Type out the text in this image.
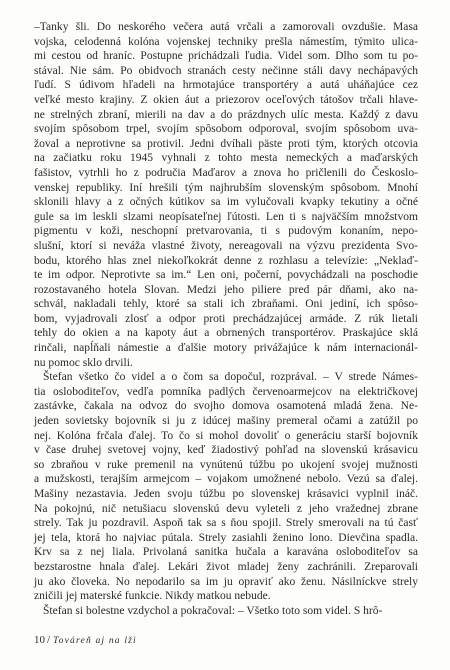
–Tanky šli. Do neskorého večera autá vrčali a zamorovali ovzdušie. Masa
vojska, celodenná kolóna vojenskej techniky prešla námestím, týmito ulica-
mi cestou od hraníc. Postupne prichádzali ľudia. Videl som. Dlho som tu po-
stával. Nie sám. Po obidvoch stranách cesty nečinne stáli davy nechápavých
ľudí. S údivom hľadeli na hrmotajúce transportéry a autá uháňajúce cez
veľké mesto krajiny. Z okien áut a priezorov oceľových tátošov trčali hlave-
ne strelných zbraní, mierili na dav a do prázdnych ulíc mesta. Každý z davu
svojím spôsobom trpel, svojím spôsobom odporoval, svojím spôsobom uva-
žoval a neprotivne sa protivil. Jedni dvíhali päste proti tým, ktorých otcovia
na začiatku roku 1945 vyhnali z tohto mesta nemeckých a maďarských
fašistov, vytrhli ho z područia Maďarov a znova ho pričlenili do Českoslo-
venskej republiky. Iní hrešili tým najhrubším slovenským spôsobom. Mnohí
sklonili hlavy a z očných kútikov sa im vylučovali kvapky tekutiny a očné
gule sa im leskli slzami neopísateľnej ľútosti. Len ti s najväčším množstvom
pigmentu v koži, neschopní pretvarovania, ti s pudovým konaním, nepo-
slušní, ktorí si neváža vlastné životy, nereagovali na výzvu prezidenta Svo-
bodu, ktorého hlas znel niekoľkokrát denne z rozhlasu a televízie: „Neklaď-
te im odpor. Neprotivte sa im.“ Len oni, počerní, povychádzali na poschodie
rozostavaného hotela Slovan. Medzi jeho piliere pred pár dňami, ako na-
schvál, nakladali tehly, ktoré sa stali ich zbraňami. Oni jediní, ich spôso-
bom, vyjadrovali zlosť a odpor proti prechádzajúcej armáde. Z rúk lietali
tehly do okien a na kapoty áut a obrnených transportérov. Praskajúce sklá
rinčali, napĺňali námestie a ďalšie motory privážajúce k nám internacionál-
nu pomoc sklo drvili.

Štefan všetko čo videl a o čom sa dopočul, rozprával. – V strede Námes-
tia osloboditeľov, vedľa pomníka padlých červenoarmejcov na električkovej
zastávke, čakala na odvoz do svojho domova osamotená mladá žena. Ne-
jeden sovietsky bojovník si ju z idúcej mašiny premeral očami a zatúžil po
nej. Kolóna frčala ďalej. To čo si mohol dovoliť o generáciu starší bojovník
v čase druhej svetovej vojny, keď žiadostivý pohľad na slovenskú krásavicu
so zbraňou v ruke premenil na vynútenú túžbu po ukojení svojej mužnosti
a mužskosti, terajším armejcom – vojakom umožnené nebolo. Vezú sa ďalej.
Mašiny nezastavia. Jeden svoju túžbu po slovenskej krásavici vyplnil ináč.
Na pokojnú, nič netušiacu slovenskú devu vyleteli z jeho vražednej zbrane
strely. Tak ju pozdravil. Aspoň tak sa s ňou spojil. Strely smerovali na tú časť
jej tela, ktorá ho najviac pútala. Strely zasiahli ženino lono. Dievčina spadla.
Krv sa z nej liala. Privolaná sanitka hučala a karavána osloboditeľov sa
bezstarostne hnala ďalej. Lekári život mladej ženy zachránili. Zreparovali
ju ako človeka. No nepodarilo sa im ju opraviť ako ženu. Násilníckve strely
zničili jej materské funkcie. Nikdy matkou nebude.

Štefan si bolestne vzdychol a pokračoval: – Všetko toto som videl. S hrô-

10 / Továreň aj na lži
